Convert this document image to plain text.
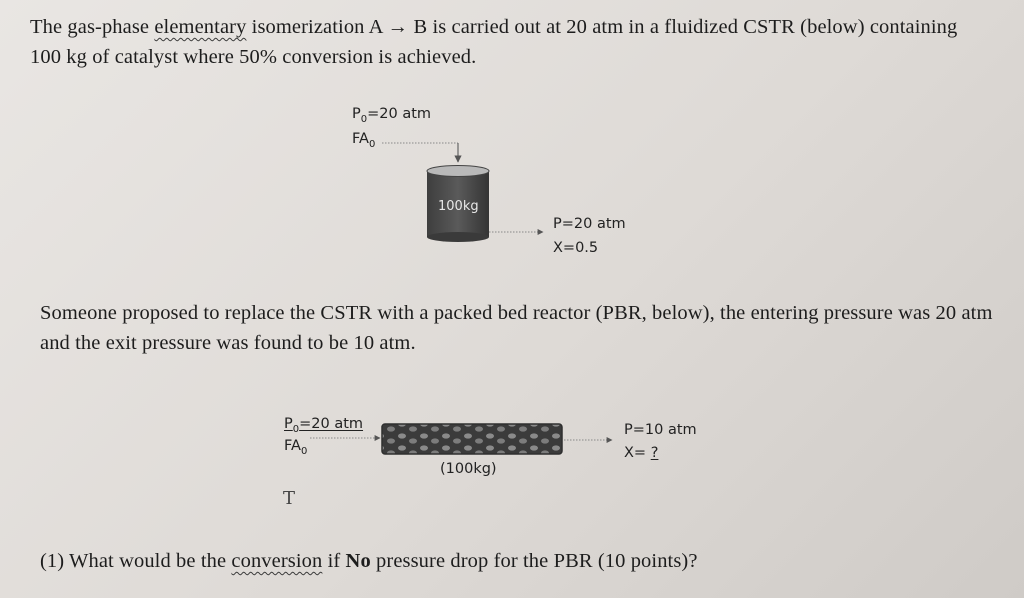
The gas-phase elementary isomerization A → B is carried out at 20 atm in a fluidized CSTR (below) containing 100 kg of catalyst where 50% conversion is achieved.

$P_0=20$ atm
$FA_0$
100kg
P=20 atm
X=0.5

Someone proposed to replace the CSTR with a packed bed reactor (PBR, below), the entering pressure was 20 atm and the exit pressure was found to be 10 atm.

$P_0=20$ atm
$FA_0$
(100kg)
P=10 atm
X= ?
T

(1) What would be the conversion if No pressure drop for the PBR (10 points)?
